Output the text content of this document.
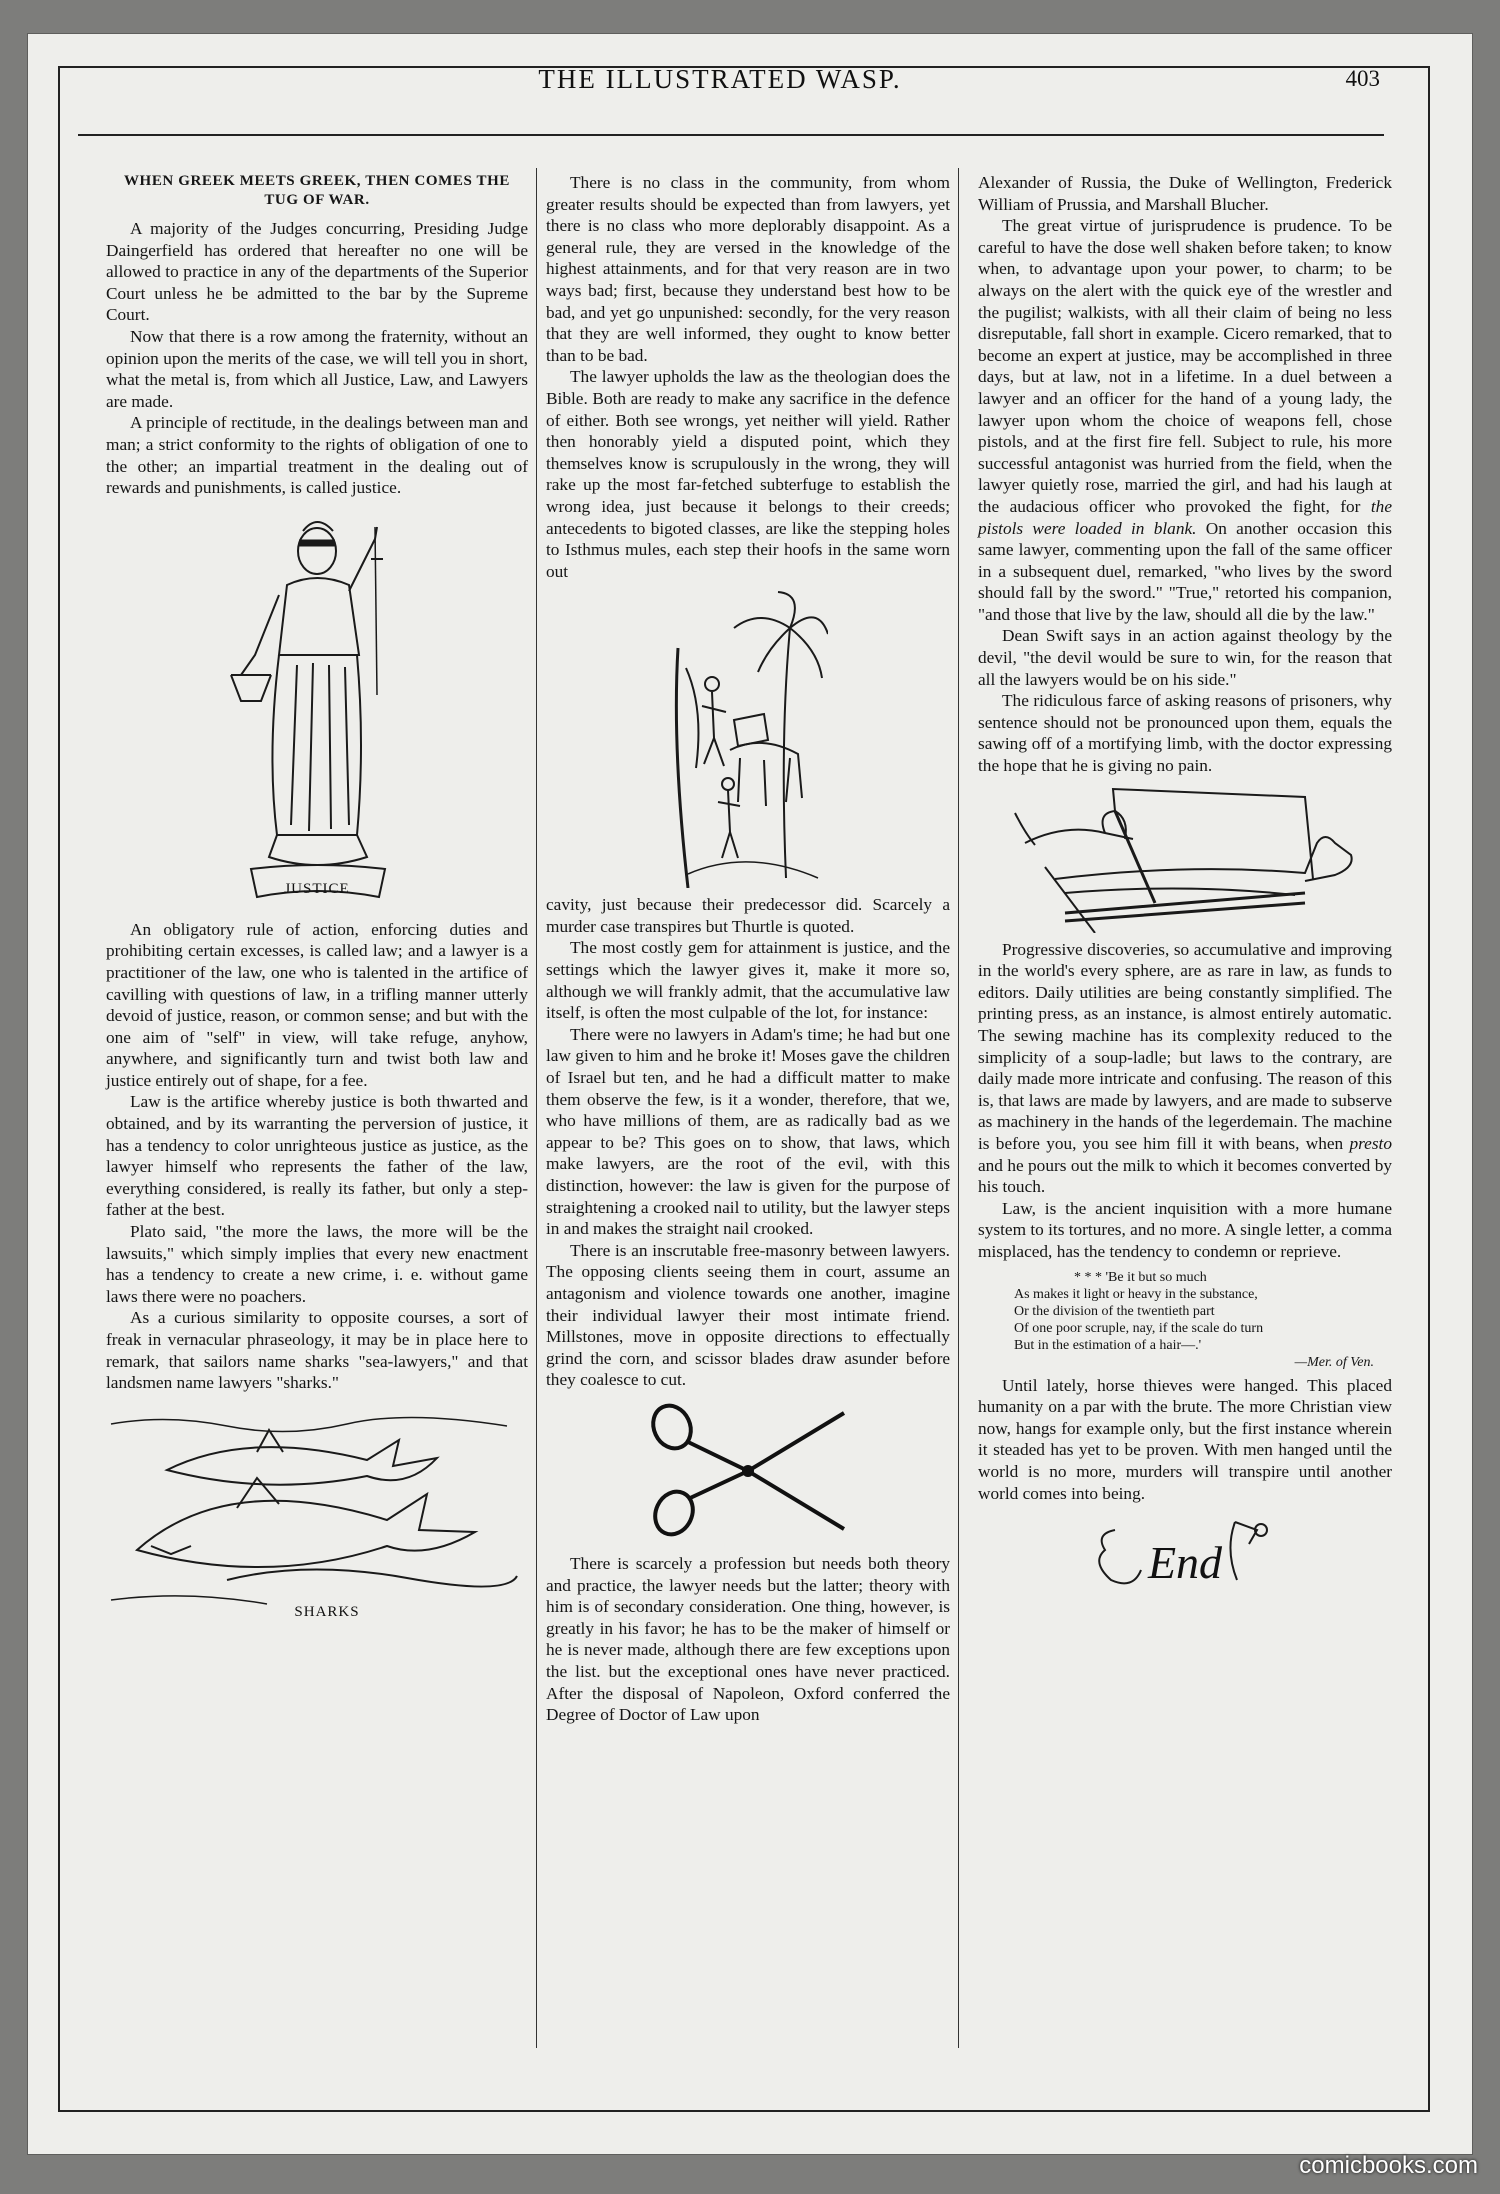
THE ILLUSTRATED WASP.	403
WHEN GREEK MEETS GREEK, THEN COMES THE TUG OF WAR.

A majority of the Judges concurring, Presiding Judge Daingerfield has ordered that hereafter no one will be allowed to practice in any of the departments of the Superior Court unless he be admitted to the bar by the Supreme Court.

Now that there is a row among the fraternity, without an opinion upon the merits of the case, we will tell you in short, what the metal is, from which all Justice, Law, and Lawyers are made.

A principle of rectitude, in the dealings between man and man; a strict conformity to the rights of obligation of one to the other; an impartial treatment in the dealing out of rewards and punishments, is called justice.

JUSTICE

An obligatory rule of action, enforcing duties and prohibiting certain excesses, is called law; and a lawyer is a practitioner of the law, one who is talented in the artifice of cavilling with questions of law, in a trifling manner utterly devoid of justice, reason, or common sense; and but with the one aim of "self" in view, will take refuge, anyhow, anywhere, and significantly turn and twist both law and justice entirely out of shape, for a fee.

Law is the artifice whereby justice is both thwarted and obtained, and by its warranting the perversion of justice, it has a tendency to color unrighteous justice as justice, as the lawyer himself who represents the father of the law, everything considered, is really its father, but only a step-father at the best.

Plato said, "the more the laws, the more will be the lawsuits," which simply implies that every new enactment has a tendency to create a new crime, i. e. without game laws there were no poachers.

As a curious similarity to opposite courses, a sort of freak in vernacular phraseology, it may be in place here to remark, that sailors name sharks "sea-lawyers," and that landsmen name lawyers "sharks."

SHARKS

There is no class in the community, from whom greater results should be expected than from lawyers, yet there is no class who more deplorably disappoint. As a general rule, they are versed in the knowledge of the highest attainments, and for that very reason are in two ways bad; first, because they understand best how to be bad, and yet go unpunished: secondly, for the very reason that they are well informed, they ought to know better than to be bad.

The lawyer upholds the law as the theologian does the Bible. Both are ready to make any sacrifice in the defence of either. Both see wrongs, yet neither will yield. Rather then honorably yield a disputed point, which they themselves know is scrupulously in the wrong, they will rake up the most far-fetched subterfuge to establish the wrong idea, just because it belongs to their creeds; antecedents to bigoted classes, are like the stepping holes to Isthmus mules, each step their hoofs in the same worn out

cavity, just because their predecessor did. Scarcely a murder case transpires but Thurtle is quoted.

The most costly gem for attainment is justice, and the settings which the lawyer gives it, make it more so, although we will frankly admit, that the accumulative law itself, is often the most culpable of the lot, for instance:

There were no lawyers in Adam's time; he had but one law given to him and he broke it! Moses gave the children of Israel but ten, and he had a difficult matter to make them observe the few, is it a wonder, therefore, that we, who have millions of them, are as radically bad as we appear to be? This goes on to show, that laws, which make lawyers, are the root of the evil, with this distinction, however: the law is given for the purpose of straightening a crooked nail to utility, but the lawyer steps in and makes the straight nail crooked.

There is an inscrutable free-masonry between lawyers. The opposing clients seeing them in court, assume an antagonism and violence towards one another, imagine their individual lawyer their most intimate friend. Millstones, move in opposite directions to effectually grind the corn, and scissor blades draw asunder before they coalesce to cut.

There is scarcely a profession but needs both theory and practice, the lawyer needs but the latter; theory with him is of secondary consideration. One thing, however, is greatly in his favor; he has to be the maker of himself or he is never made, although there are few exceptions upon the list. but the exceptional ones have never practiced. After the disposal of Napoleon, Oxford conferred the Degree of Doctor of Law upon

Alexander of Russia, the Duke of Wellington, Frederick William of Prussia, and Marshall Blucher.

The great virtue of jurisprudence is prudence. To be careful to have the dose well shaken before taken; to know when, to advantage upon your power, to charm; to be always on the alert with the quick eye of the wrestler and the pugilist; walkists, with all their claim of being no less disreputable, fall short in example. Cicero remarked, that to become an expert at justice, may be accomplished in three days, but at law, not in a lifetime. In a duel between a lawyer and an officer for the hand of a young lady, the lawyer upon whom the choice of weapons fell, chose pistols, and at the first fire fell. Subject to rule, his more successful antagonist was hurried from the field, when the lawyer quietly rose, married the girl, and had his laugh at the audacious officer who provoked the fight, for the pistols were loaded in blank. On another occasion this same lawyer, commenting upon the fall of the same officer in a subsequent duel, remarked, "who lives by the sword should fall by the sword." "True," retorted his companion, "and those that live by the law, should all die by the law."

Dean Swift says in an action against theology by the devil, "the devil would be sure to win, for the reason that all the lawyers would be on his side."

The ridiculous farce of asking reasons of prisoners, why sentence should not be pronounced upon them, equals the sawing off of a mortifying limb, with the doctor expressing the hope that he is giving no pain.

Progressive discoveries, so accumulative and improving in the world's every sphere, are as rare in law, as funds to editors. Daily utilities are being constantly simplified. The printing press, as an instance, is almost entirely automatic. The sewing machine has its complexity reduced to the simplicity of a soup-ladle; but laws to the contrary, are daily made more intricate and confusing. The reason of this is, that laws are made by lawyers, and are made to subserve as machinery in the hands of the legerdemain. The machine is before you, you see him fill it with beans, when presto and he pours out the milk to which it becomes converted by his touch.

Law, is the ancient inquisition with a more humane system to its tortures, and no more. A single letter, a comma misplaced, has the tendency to condemn or reprieve.

* * * 'Be it but so much
As makes it light or heavy in the substance,
Or the division of the twentieth part
Of one poor scruple, nay, if the scale do turn
But in the estimation of a hair—.'
—Mer. of Ven.

Until lately, horse thieves were hanged. This placed humanity on a par with the brute. The more Christian view now, hangs for example only, but the first instance wherein it steaded has yet to be proven. With men hanged until the world is no more, murders will transpire until another world comes into being.

End
comicbooks.com
